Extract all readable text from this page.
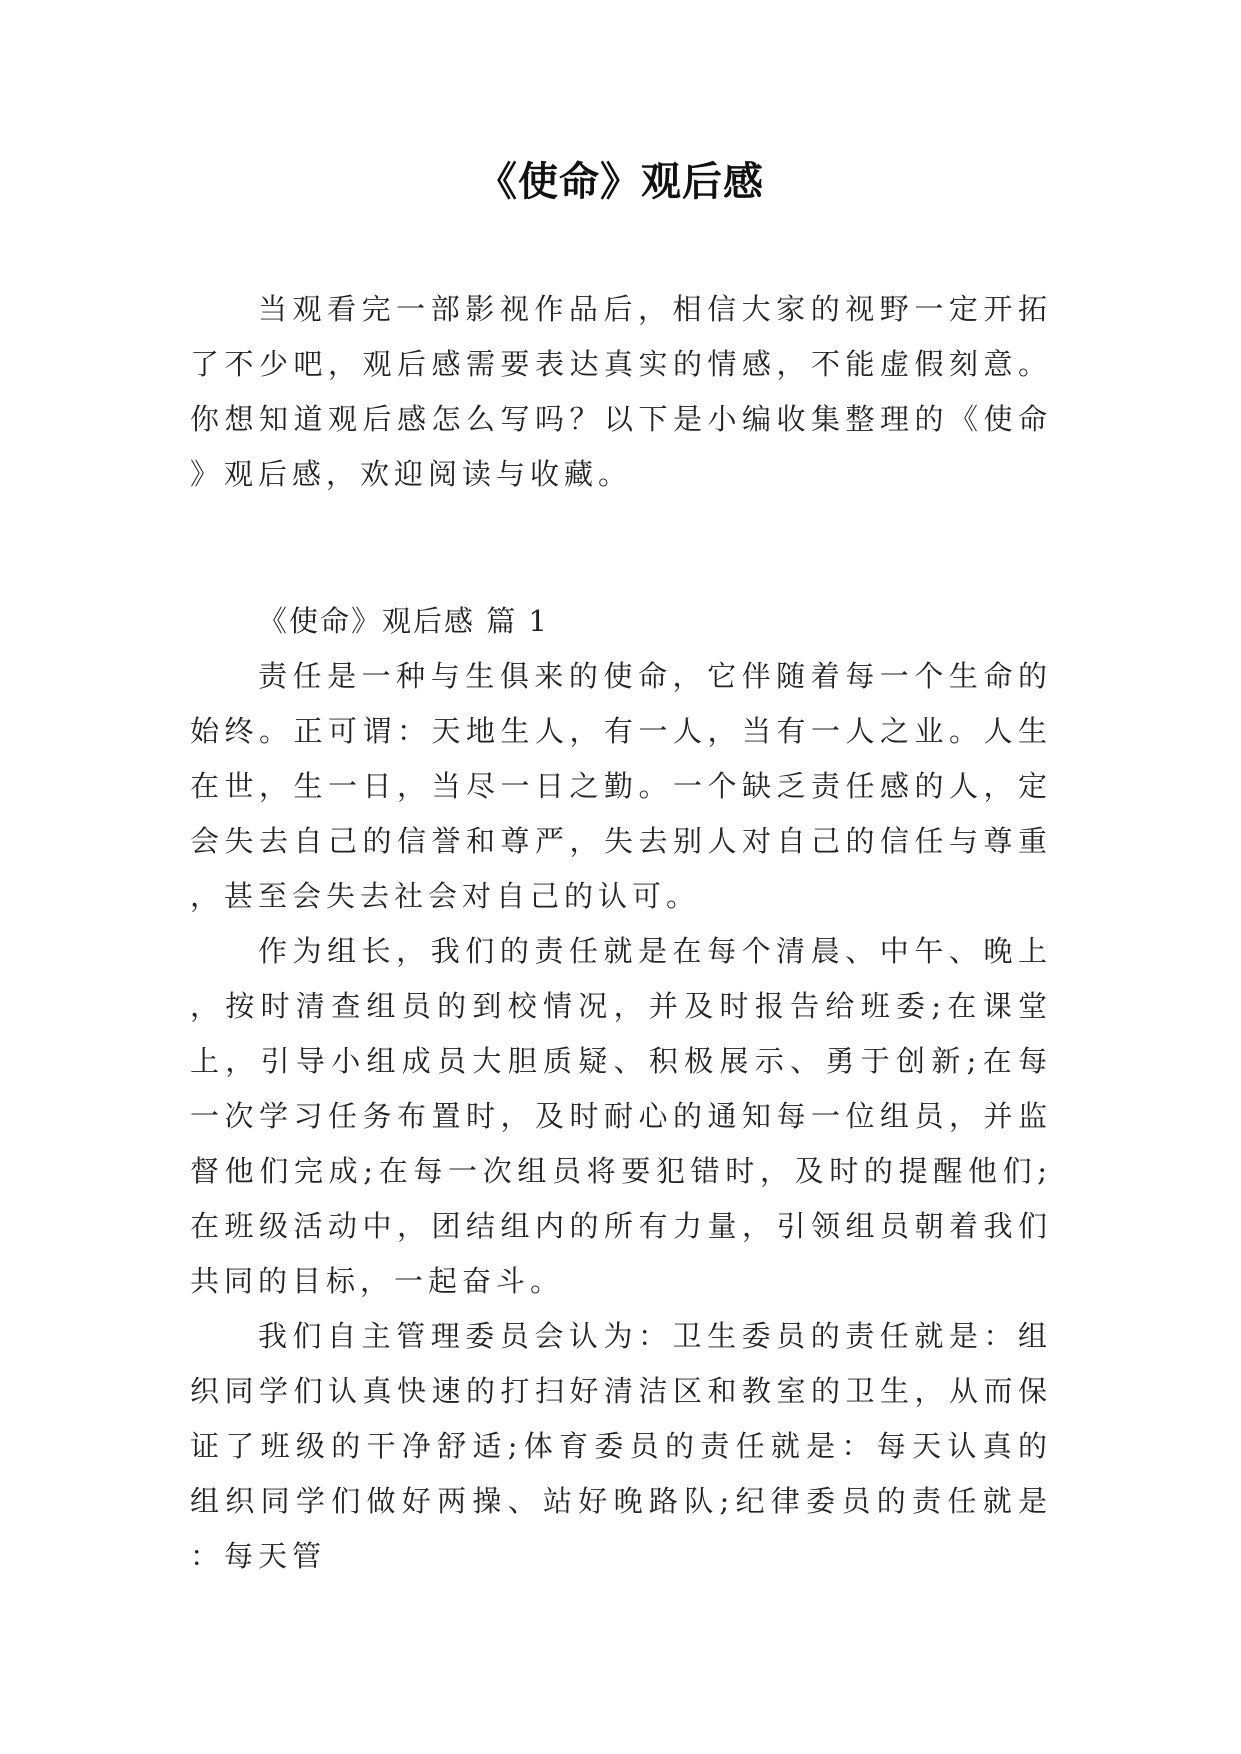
《使命》观后感

当观看完一部影视作品后，相信大家的视野一定开拓了不少吧，观后感需要表达真实的情感，不能虚假刻意。你想知道观后感怎么写吗？以下是小编收集整理的《使命》观后感，欢迎阅读与收藏。

《使命》观后感 篇 1

责任是一种与生俱来的使命，它伴随着每一个生命的始终。正可谓：天地生人，有一人，当有一人之业。人生在世，生一日，当尽一日之勤。一个缺乏责任感的人，定会失去自己的信誉和尊严，失去别人对自己的信任与尊重，甚至会失去社会对自己的认可。

作为组长，我们的责任就是在每个清晨、中午、晚上，按时清查组员的到校情况，并及时报告给班委;在课堂上，引导小组成员大胆质疑、积极展示、勇于创新;在每一次学习任务布置时，及时耐心的通知每一位组员，并监督他们完成;在每一次组员将要犯错时，及时的提醒他们;在班级活动中，团结组内的所有力量，引领组员朝着我们共同的目标，一起奋斗。

我们自主管理委员会认为：卫生委员的责任就是：组织同学们认真快速的打扫好清洁区和教室的卫生，从而保证了班级的干净舒适;体育委员的责任就是：每天认真的组织同学们做好两操、站好晚路队;纪律委员的责任就是：每天管
